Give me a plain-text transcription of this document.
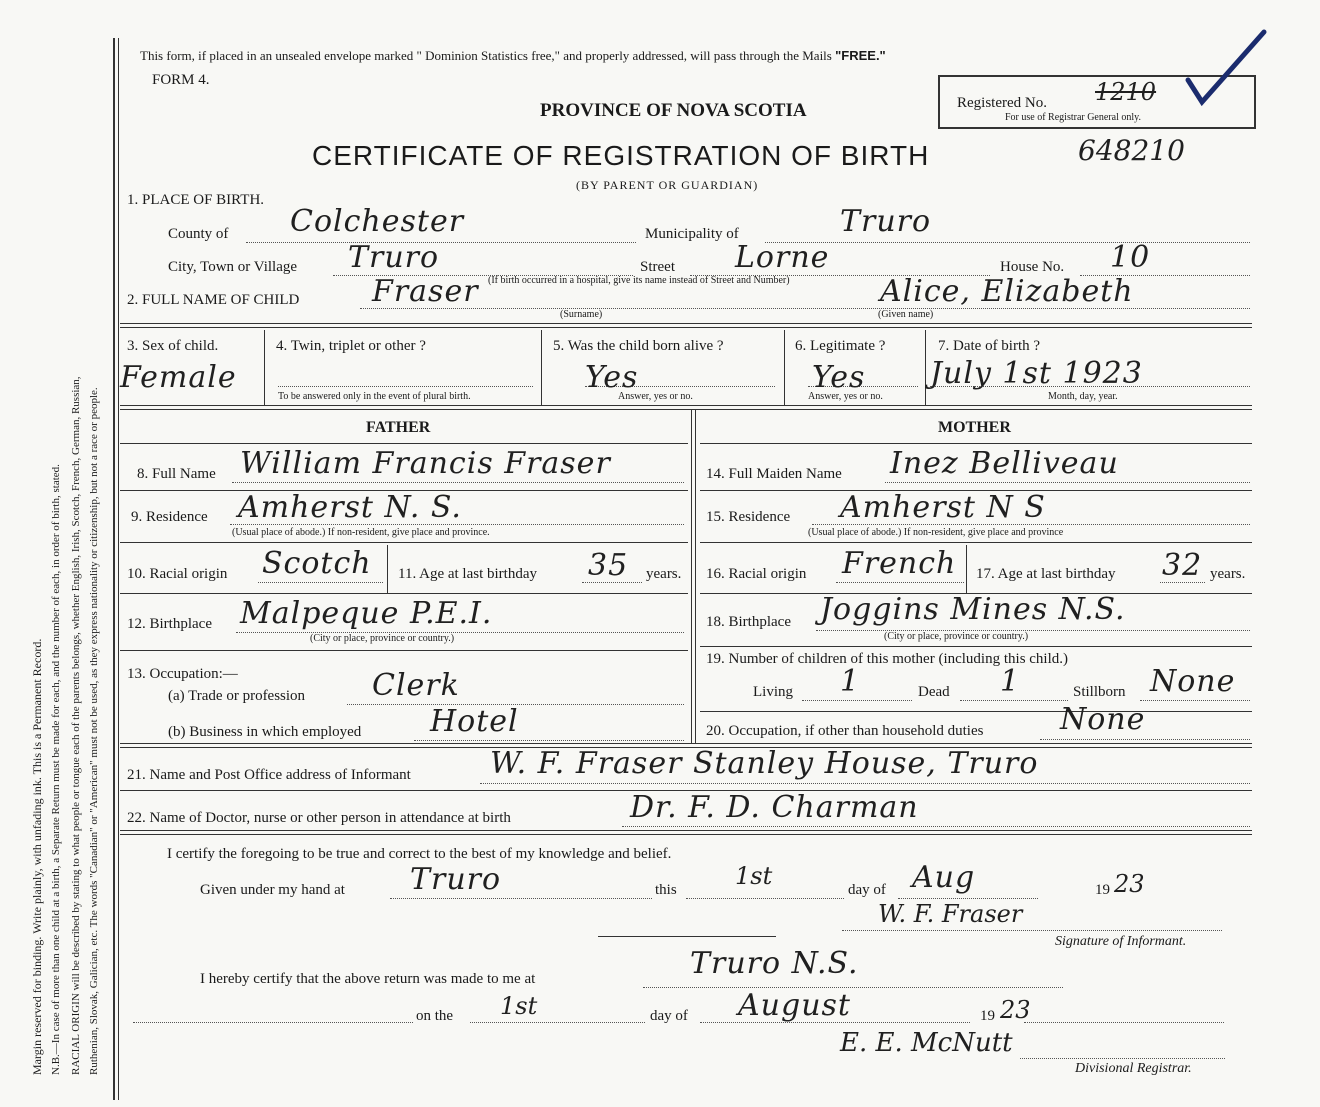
Margin reserved for binding. Write plainly, with unfading ink. This is a Permanent Record. N.B.—In case of more than one child at a birth, a Separate Return must be made for each, and the number of each, in order of birth, stated. RACIAL ORIGIN will be described by stating to what people or tongue each of the parents belongs, whether English, Irish, Scotch, French, German, Russian, Ruthenian, Slovak, Galician, etc. The words "Canadian" or "American" must not be used, as they express nationality or citizenship, but not a race or people.
This form, if placed in an unsealed envelope marked " Dominion Statistics free," and properly addressed, will pass through the Mails "FREE."
FORM 4.
PROVINCE OF NOVA SCOTIA
CERTIFICATE OF REGISTRATION OF BIRTH	648210
(BY PARENT OR GUARDIAN)
Registered No. 1210
For use of Registrar General only.
1. PLACE OF BIRTH.
County of Colchester	Municipality of	Truro
City, Town or Village Truro	Street Lorne	House No. 10
(If birth occurred in a hospital, give its name instead of Street and Number)
2. FULL NAME OF CHILD Fraser	Alice, Elizabeth
(Surname)	(Given name)
3. Sex of child.
Female
4. Twin, triplet or other ?
To be answered only in the event of plural birth.
5. Was the child born alive ?
Yes
Answer, yes or no.
6. Legitimate ?
Yes
Answer, yes or no.
7. Date of birth ?
July 1st 1923
Month, day, year.
FATHER	MOTHER
8. Full Name William Francis Fraser
9. Residence Amherst N. S.
(Usual place of abode.) If non-resident, give place and province.
10. Racial origin Scotch 11. Age at last birthday 35 years.
12. Birthplace Malpeque P.E.I.
(City or place, province or country.)
13. Occupation:—
(a) Trade or profession Clerk
(b) Business in which employed Hotel
14. Full Maiden Name Inez Belliveau
15. Residence Amherst N S
(Usual place of abode.) If non-resident, give place and province
16. Racial origin French 17. Age at last birthday 32 years.
18. Birthplace Joggins Mines N.S.
(City or place, province or country.)
19. Number of children of this mother (including this child.)
Living 1	Dead 1	Stillborn None
20. Occupation, if other than household duties	None
21. Name and Post Office address of Informant	W. F. Fraser Stanley House, Truro
22. Name of Doctor, nurse or other person in attendance at birth	Dr. F. D. Charman
I certify the foregoing to be true and correct to the best of my knowledge and belief.
Given under my hand at Truro	this 1st	day of Aug	19 23
W. F. Fraser
Signature of Informant.
I hereby certify that the above return was made to me at	Truro N.S.
on the 1st	day of August	19 23
E. E. McNutt
Divisional Registrar.
